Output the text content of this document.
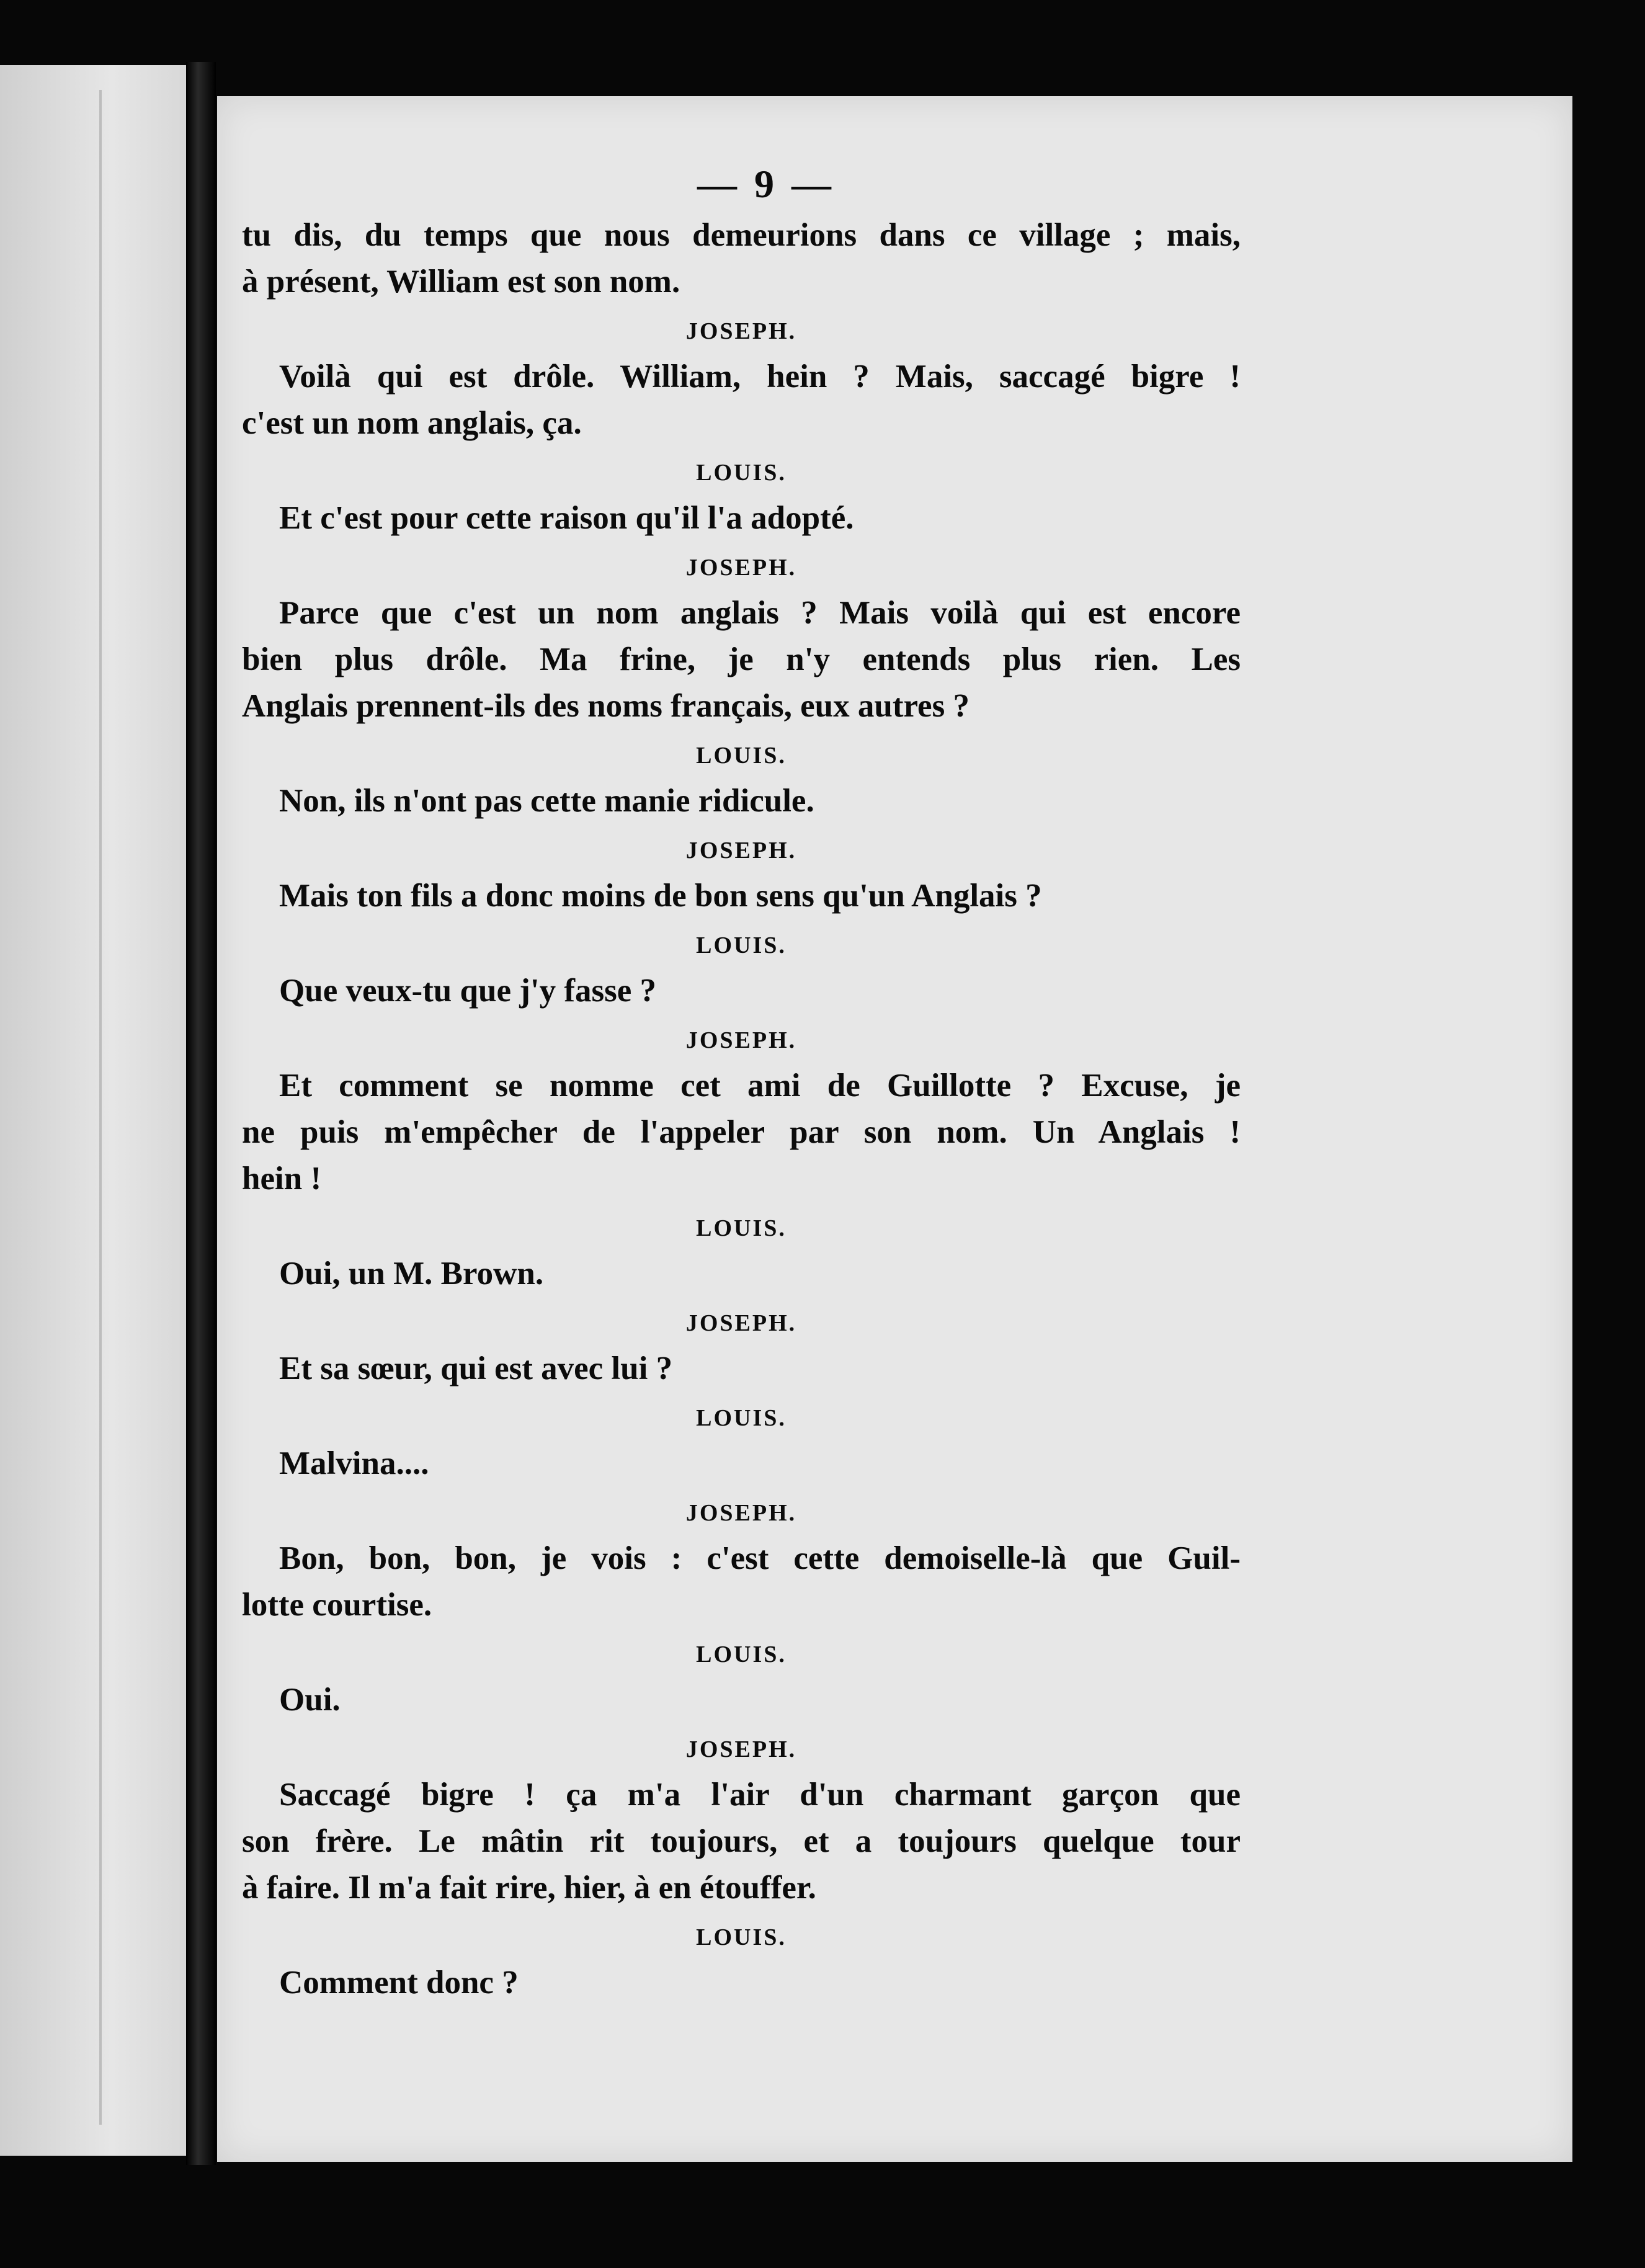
— 9 —
tu dis, du temps que nous demeurions dans ce village ; mais,
à présent, William est son nom.
JOSEPH.
Voilà qui est drôle. William, hein ? Mais, saccagé bigre !
c'est un nom anglais, ça.
LOUIS.
Et c'est pour cette raison qu'il l'a adopté.
JOSEPH.
Parce que c'est un nom anglais ? Mais voilà qui est encore
bien plus drôle. Ma frine, je n'y entends plus rien. Les
Anglais prennent-ils des noms français, eux autres ?
LOUIS.
Non, ils n'ont pas cette manie ridicule.
JOSEPH.
Mais ton fils a donc moins de bon sens qu'un Anglais ?
LOUIS.
Que veux-tu que j'y fasse ?
JOSEPH.
Et comment se nomme cet ami de Guillotte ? Excuse, je
ne puis m'empêcher de l'appeler par son nom. Un Anglais !
hein !
LOUIS.
Oui, un M. Brown.
JOSEPH.
Et sa sœur, qui est avec lui ?
LOUIS.
Malvina....
JOSEPH.
Bon, bon, bon, je vois : c'est cette demoiselle-là que Guil-
lotte courtise.
LOUIS.
Oui.
JOSEPH.
Saccagé bigre ! ça m'a l'air d'un charmant garçon que
son frère. Le mâtin rit toujours, et a toujours quelque tour
à faire. Il m'a fait rire, hier, à en étouffer.
LOUIS.
Comment donc ?
